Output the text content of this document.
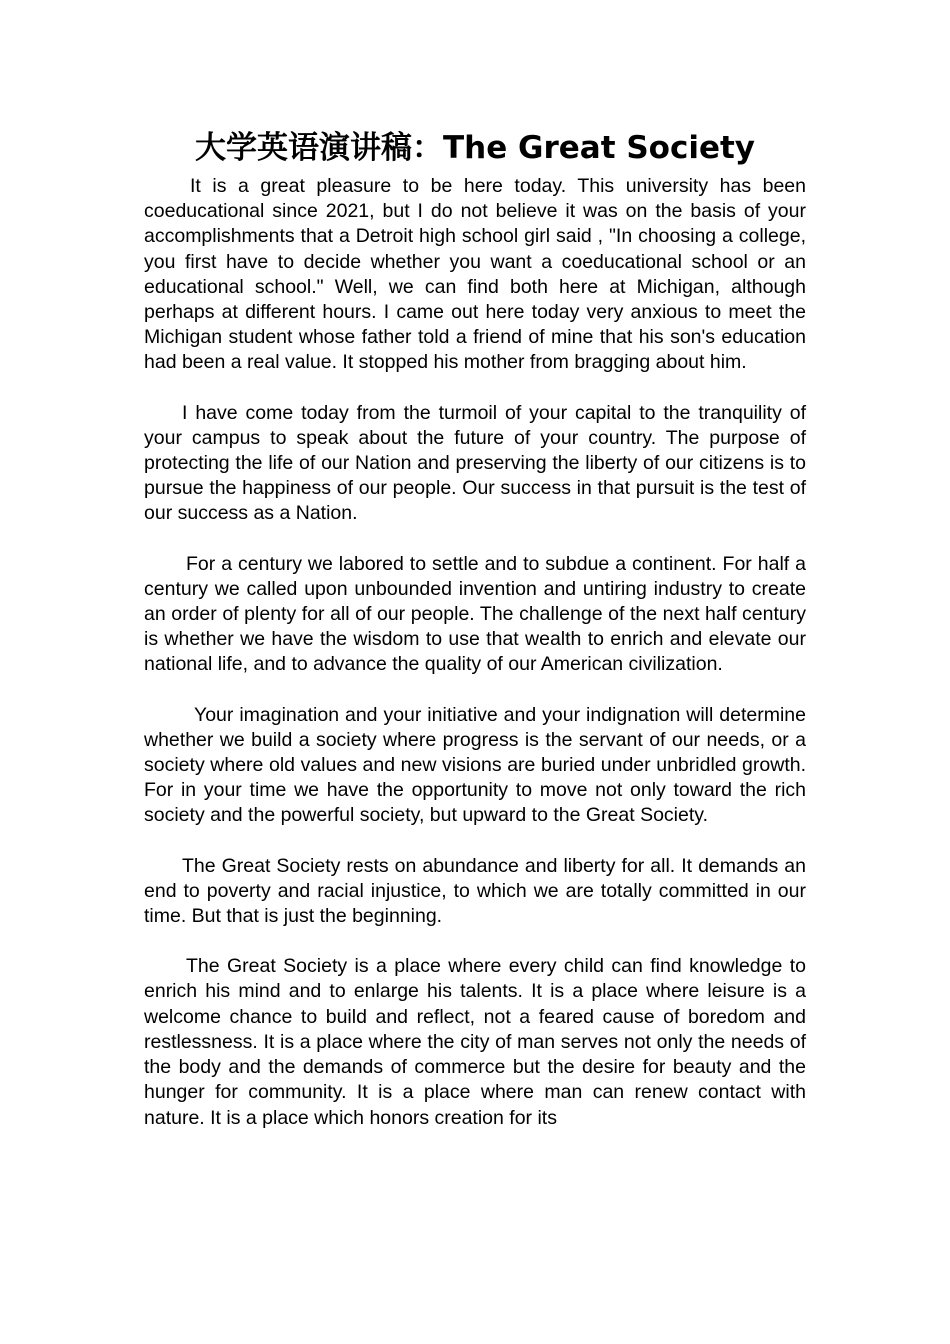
大学英语演讲稿：The Great Society

It is a great pleasure to be here today. This university has been coeducational since 2021, but I do not believe it was on the basis of your accomplishments that a Detroit high school girl said , "In choosing a college, you first have to decide whether you want a coeducational school or an educational school." Well, we can find both here at Michigan, although perhaps at different hours. I came out here today very anxious to meet the Michigan student whose father told a friend of mine that his son's education had been a real value. It stopped his mother from bragging about him.

I have come today from the turmoil of your capital to the tranquility of your campus to speak about the future of your country. The purpose of protecting the life of our Nation and preserving the liberty of our citizens is to pursue the happiness of our people. Our success in that pursuit is the test of our success as a Nation.

For a century we labored to settle and to subdue a continent. For half a century we called upon unbounded invention and untiring industry to create an order of plenty for all of our people. The challenge of the next half century is whether we have the wisdom to use that wealth to enrich and elevate our national life, and to advance the quality of our American civilization.

Your imagination and your initiative and your indignation will determine whether we build a society where progress is the servant of our needs, or a society where old values and new visions are buried under unbridled growth. For in your time we have the opportunity to move not only toward the rich society and the powerful society, but upward to the Great Society.

The Great Society rests on abundance and liberty for all. It demands an end to poverty and racial injustice, to which we are totally committed in our time. But that is just the beginning.

The Great Society is a place where every child can find knowledge to enrich his mind and to enlarge his talents. It is a place where leisure is a welcome chance to build and reflect, not a feared cause of boredom and restlessness. It is a place where the city of man serves not only the needs of the body and the demands of commerce but the desire for beauty and the hunger for community. It is a place where man can renew contact with nature. It is a place which honors creation for its
